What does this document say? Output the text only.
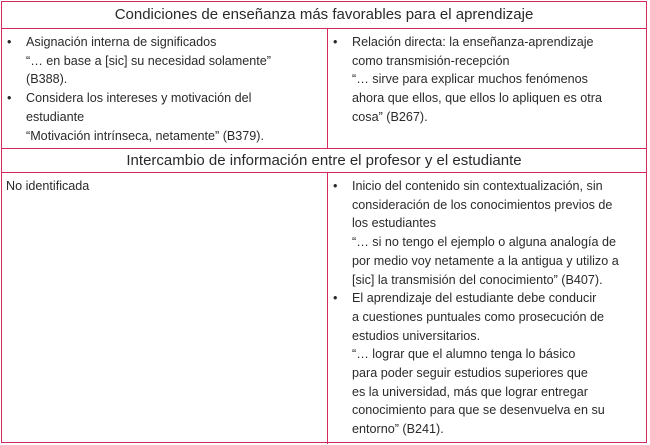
Condiciones de enseñanza más favorables para el aprendizaje
• Asignación interna de significados
“… en base a [sic] su necesidad solamente”
(B388).
• Considera los intereses y motivación del
estudiante
“Motivación intrínseca, netamente” (B379).
• Relación directa: la enseñanza-aprendizaje
como transmisión-recepción
“… sirve para explicar muchos fenómenos
ahora que ellos, que ellos lo apliquen es otra
cosa” (B267).
Intercambio de información entre el profesor y el estudiante
No identificada	• Inicio del contenido sin contextualización, sin
consideración de los conocimientos previos de
los estudiantes
“… si no tengo el ejemplo o alguna analogía de
por medio voy netamente a la antigua y utilizo a
[sic] la transmisión del conocimiento” (B407).
• El aprendizaje del estudiante debe conducir
a cuestiones puntuales como prosecución de
estudios universitarios.
“… lograr que el alumno tenga lo básico
para poder seguir estudios superiores que
es la universidad, más que lograr entregar
conocimiento para que se desenvuelva en su
entorno” (B241).
